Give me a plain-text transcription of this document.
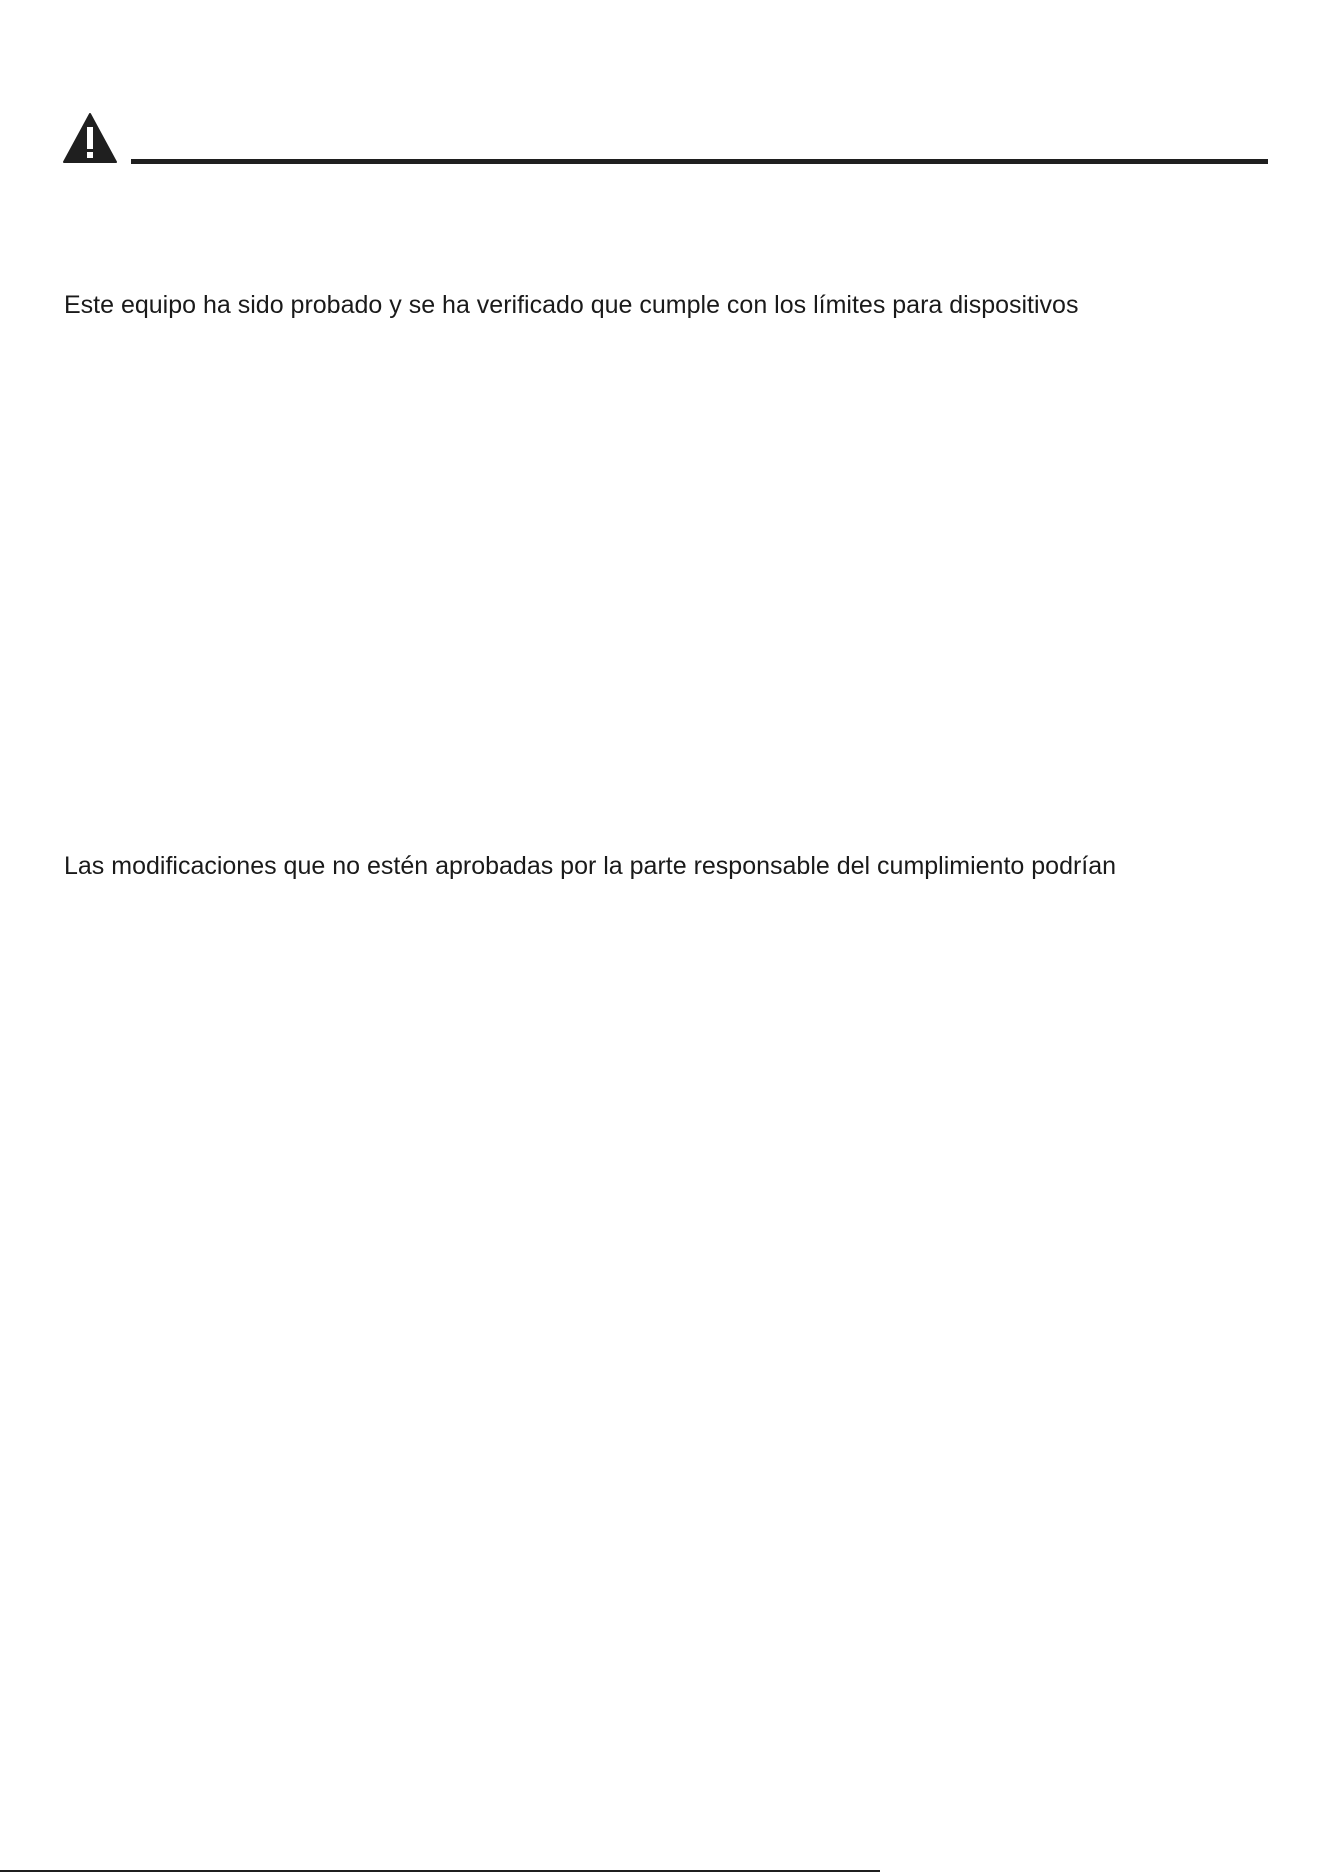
Este equipo ha sido probado y se ha verificado que cumple con los límites para dispositivos

Las modificaciones que no estén aprobadas por la parte responsable del cumplimiento podrían
